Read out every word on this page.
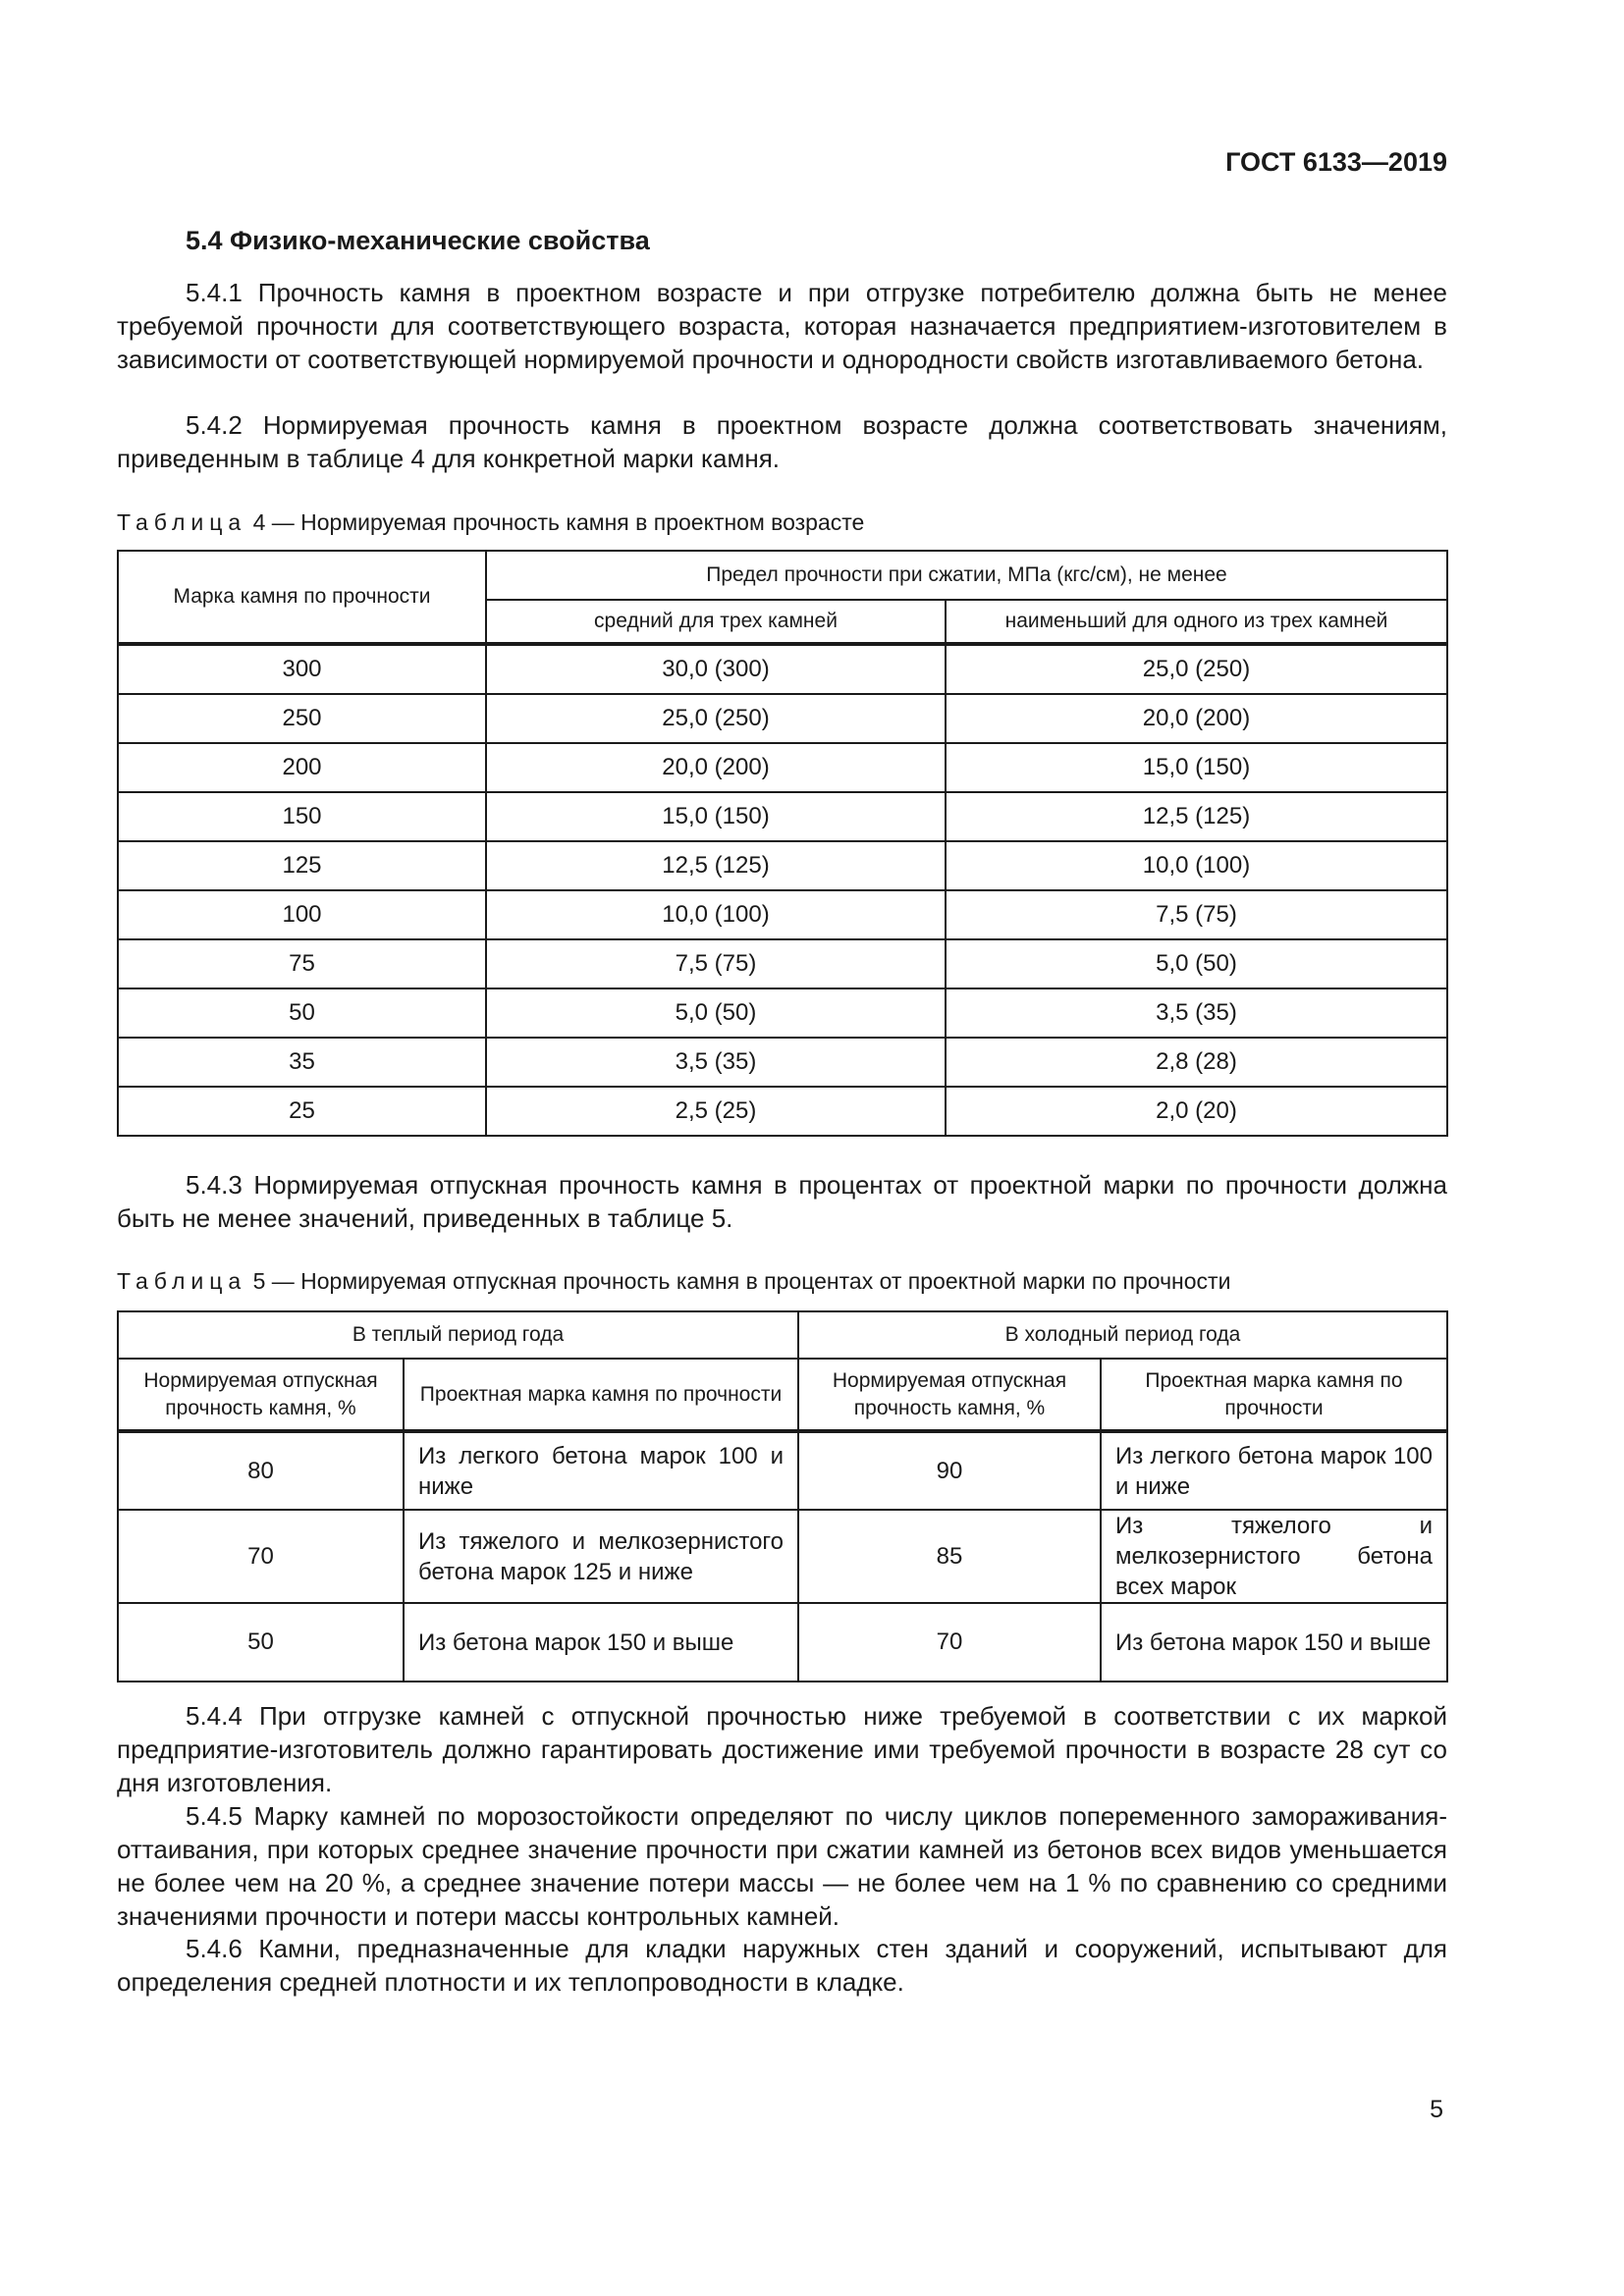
ГОСТ 6133—2019
5.4 Физико-механические свойства

5.4.1 Прочность камня в проектном возрасте и при отгрузке потребителю должна быть не менее требуемой прочности для соответствующего возраста, которая назначается предприятием-изготовителем в зависимости от соответствующей нормируемой прочности и однородности свойств изготавливаемого бетона.

5.4.2 Нормируемая прочность камня в проектном возрасте должна соответствовать значениям, приведенным в таблице 4 для конкретной марки камня.

Таблица 4 — Нормируемая прочность камня в проектном возрасте
Марка камня по прочности	Предел прочности при сжатии, МПа (кгс/см), не менее	
	средний для трех камней	наименьший для одного из трех камней
300	30,0 (300)	25,0 (250)
250	25,0 (250)	20,0 (200)
200	20,0 (200)	15,0 (150)
150	15,0 (150)	12,5 (125)
125	12,5 (125)	10,0 (100)
100	10,0 (100)	7,5 (75)
75	7,5 (75)	5,0 (50)
50	5,0 (50)	3,5 (35)
35	3,5 (35)	2,8 (28)
25	2,5 (25)	2,0 (20)

5.4.3 Нормируемая отпускная прочность камня в процентах от проектной марки по прочности должна быть не менее значений, приведенных в таблице 5.

Таблица 5 — Нормируемая отпускная прочность камня в процентах от проектной марки по прочности
В теплый период года		В холодный период года	
Нормируемая отпускная прочность камня, %	Проектная марка камня по прочности	Нормируемая отпускная прочность камня, %	Проектная марка камня по прочности
80	Из легкого бетона марок 100 и ниже	90	Из легкого бетона марок 100 и ниже
70	Из тяжелого и мелкозернистого бетона марок 125 и ниже	85	Из тяжелого и мелкозернистого бетона всех марок
50	Из бетона марок 150 и выше	70	Из бетона марок 150 и выше

5.4.4 При отгрузке камней с отпускной прочностью ниже требуемой в соответствии с их маркой предприятие-изготовитель должно гарантировать достижение ими требуемой прочности в возрасте 28 сут со дня изготовления.

5.4.5 Марку камней по морозостойкости определяют по числу циклов попеременного замораживания-оттаивания, при которых среднее значение прочности при сжатии камней из бетонов всех видов уменьшается не более чем на 20 %, а среднее значение потери массы — не более чем на 1 % по сравнению со средними значениями прочности и потери массы контрольных камней.

5.4.6 Камни, предназначенные для кладки наружных стен зданий и сооружений, испытывают для определения средней плотности и их теплопроводности в кладке.

5
